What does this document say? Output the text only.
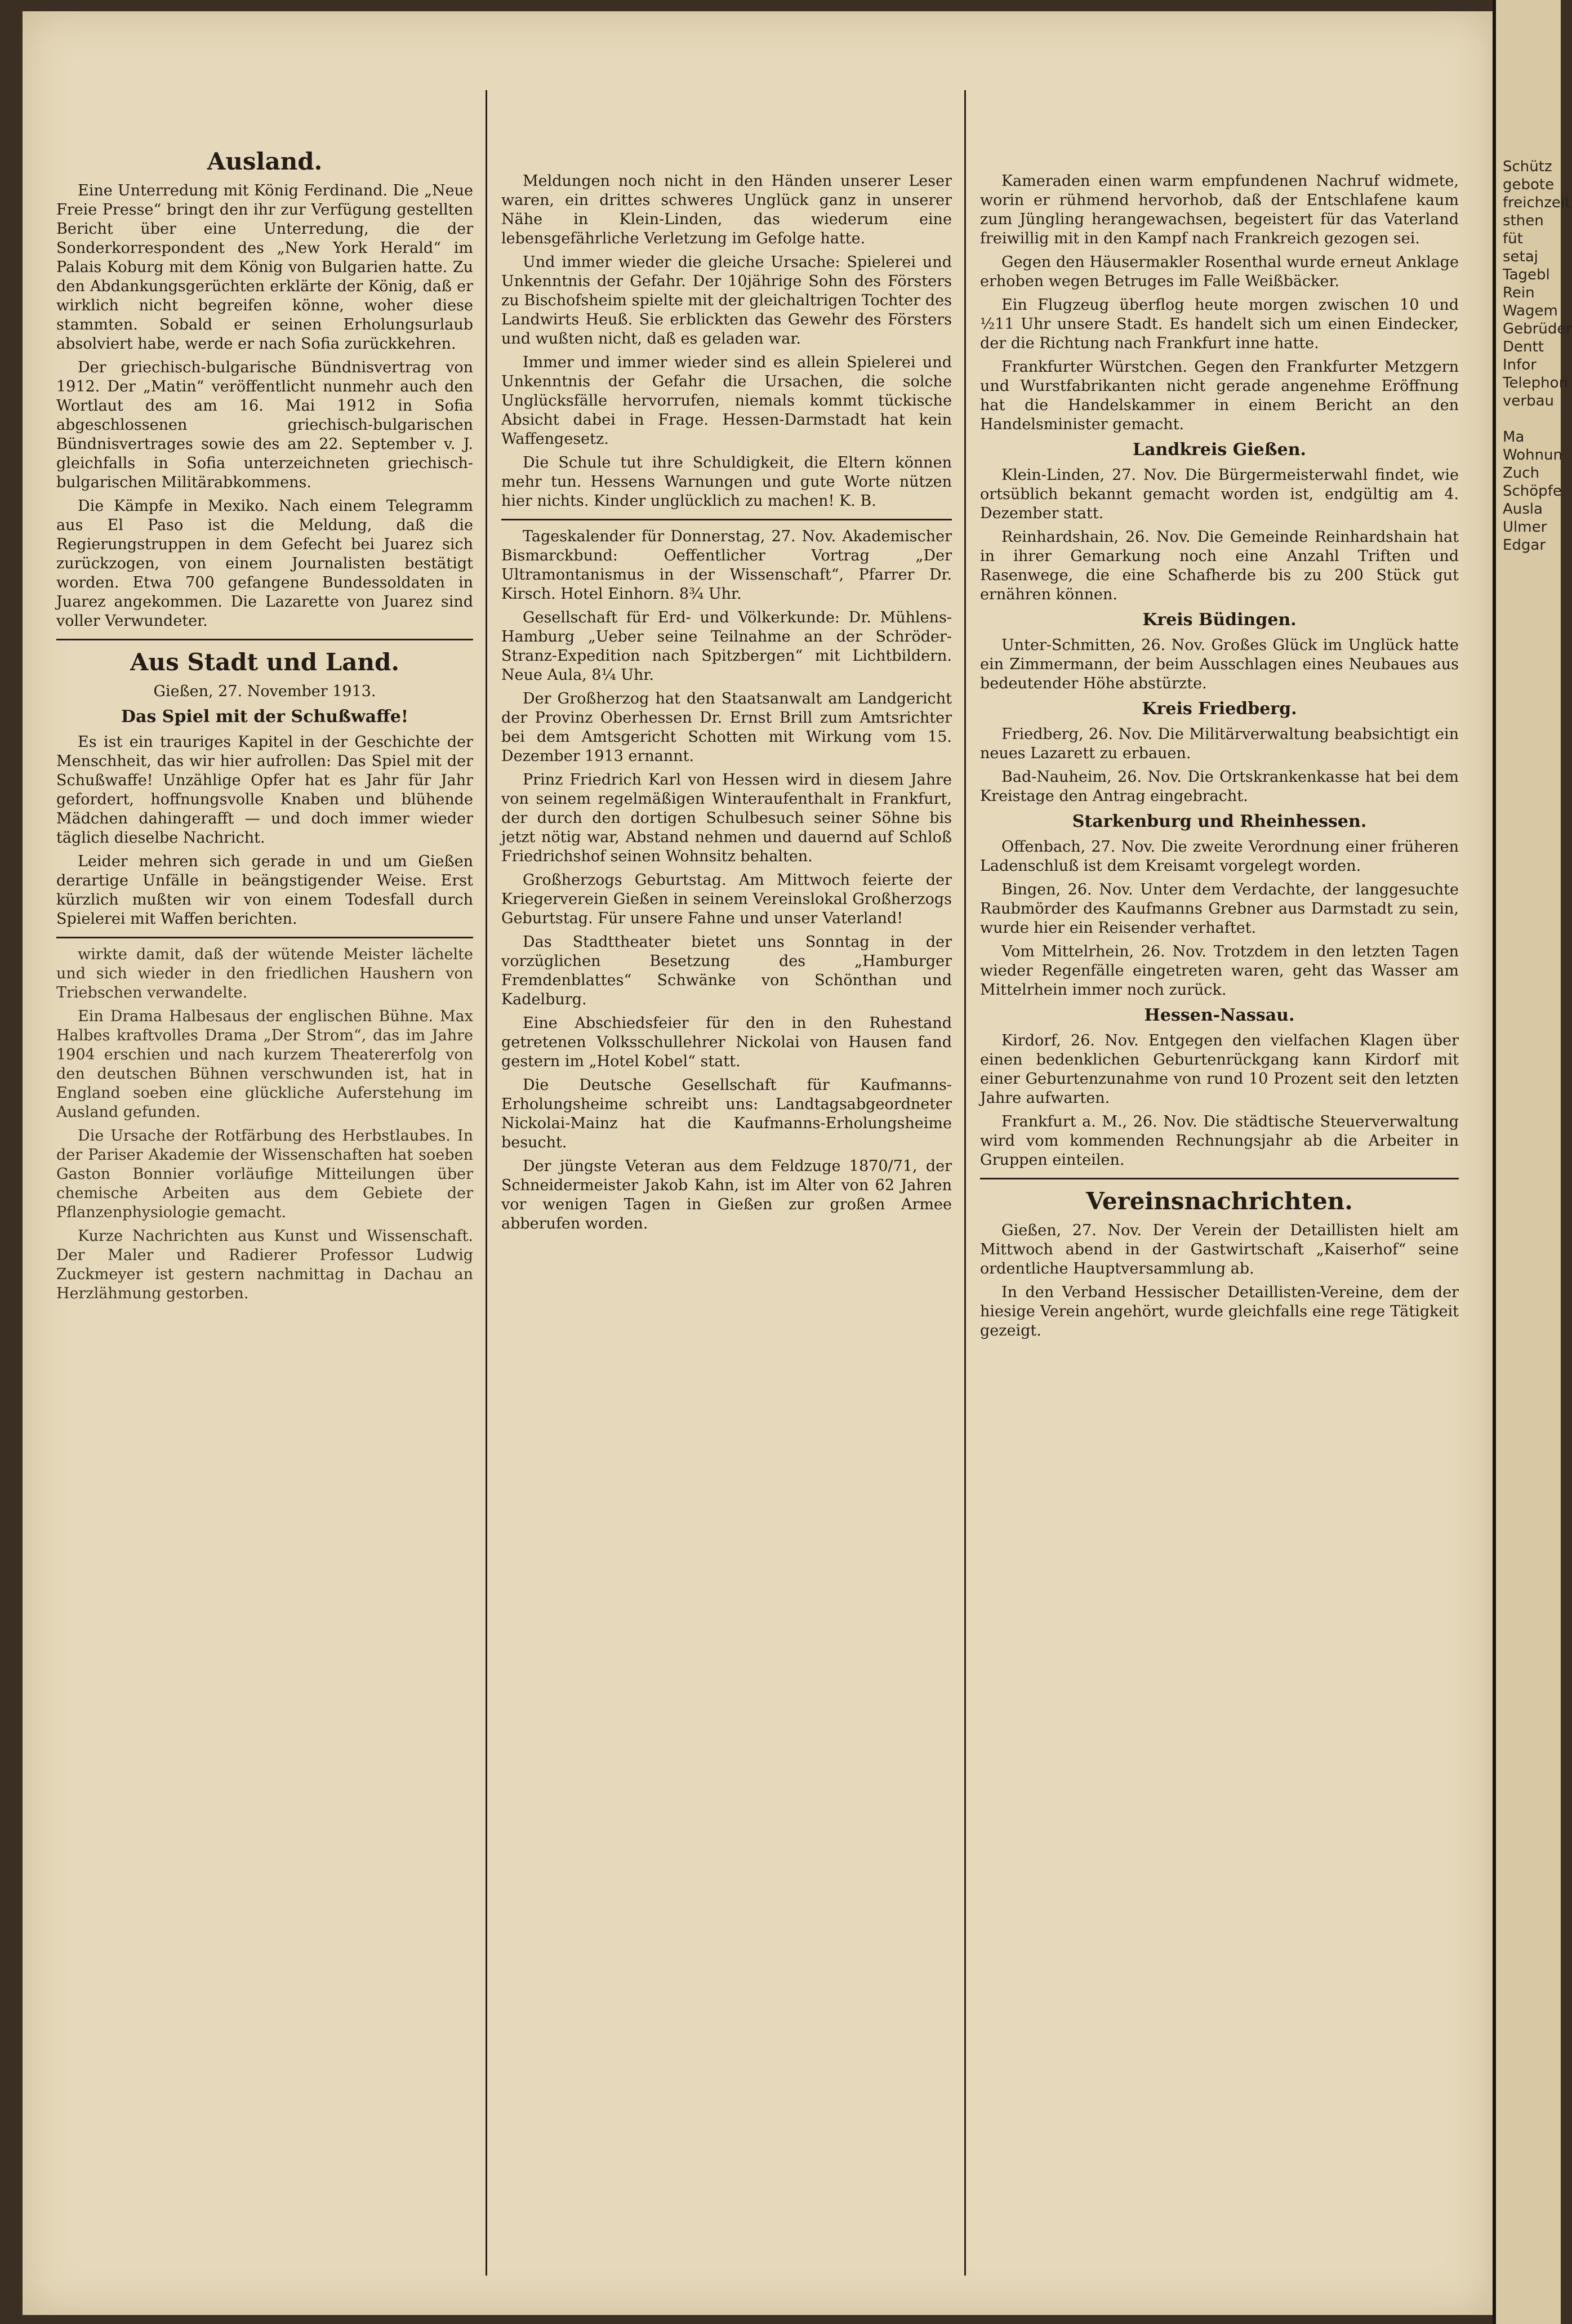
Ausland.

Eine Unterredung mit König Ferdinand. Die „Neue Freie Presse“ bringt den ihr zur Verfügung gestellten Bericht über eine Unterredung, die der Sonderkorrespondent des „New York Herald“ im Palais Koburg mit dem König von Bulgarien hatte. Zu den Abdankungsgerüchten erklärte der König, daß er wirklich nicht begreifen könne, woher diese stammten. Sobald er seinen Erholungsurlaub absolviert habe, werde er nach Sofia zurückkehren.

Der griechisch-bulgarische Bündnisvertrag von 1912. Der „Matin“ veröffentlicht nunmehr auch den Wortlaut des am 16. Mai 1912 in Sofia abgeschlossenen griechisch-bulgarischen Bündnisvertrages sowie des am 22. September v. J. gleichfalls in Sofia unterzeichneten griechisch-bulgarischen Militärabkommens.

Die Kämpfe in Mexiko. Nach einem Telegramm aus El Paso ist die Meldung, daß die Regierungstruppen in dem Gefecht bei Juarez sich zurückzogen, von einem Journalisten bestätigt worden. Etwa 700 gefangene Bundessoldaten in Juarez angekommen. Die Lazarette von Juarez sind voller Verwundeter.

Aus Stadt und Land.

Gießen, 27. November 1913.

Das Spiel mit der Schußwaffe!

Es ist ein trauriges Kapitel in der Geschichte der Menschheit, das wir hier aufrollen: Das Spiel mit der Schußwaffe! Unzählige Opfer hat es Jahr für Jahr gefordert, hoffnungsvolle Knaben und blühende Mädchen dahingerafft — und doch immer wieder täglich dieselbe Nachricht.

Leider mehren sich gerade in und um Gießen derartige Unfälle in beängstigender Weise. Erst kürzlich mußten wir von einem Todesfall durch Spielerei mit Waffen berichten.

wirkte damit, daß der wütende Meister lächelte und sich wieder in den friedlichen Haushern von Triebschen verwandelte.

Ein Drama Halbesaus der englischen Bühne. Max Halbes kraftvolles Drama „Der Strom“, das im Jahre 1904 erschien und nach kurzem Theatererfolg von den deutschen Bühnen verschwunden ist, hat in England soeben eine glückliche Auferstehung im Ausland gefunden.

Die Ursache der Rotfärbung des Herbstlaubes. In der Pariser Akademie der Wissenschaften hat soeben Gaston Bonnier vorläufige Mitteilungen über chemische Arbeiten aus dem Gebiete der Pflanzenphysiologie gemacht.

Kurze Nachrichten aus Kunst und Wissenschaft. Der Maler und Radierer Professor Ludwig Zuckmeyer ist gestern nachmittag in Dachau an Herzlähmung gestorben.

Meldungen noch nicht in den Händen unserer Leser waren, ein drittes schweres Unglück ganz in unserer Nähe in Klein-Linden, das wiederum eine lebensgefährliche Verletzung im Gefolge hatte.

Und immer wieder die gleiche Ursache: Spielerei und Unkenntnis der Gefahr. Der 10jährige Sohn des Försters zu Bischofsheim spielte mit der gleichaltrigen Tochter des Landwirts Heuß. Sie erblickten das Gewehr des Försters und wußten nicht, daß es geladen war.

Immer und immer wieder sind es allein Spielerei und Unkenntnis der Gefahr die Ursachen, die solche Unglücksfälle hervorrufen, niemals kommt tückische Absicht dabei in Frage. Hessen-Darmstadt hat kein Waffengesetz.

Die Schule tut ihre Schuldigkeit, die Eltern können mehr tun. Hessens Warnungen und gute Worte nützen hier nichts. Kinder unglücklich zu machen! K. B.

Tageskalender für Donnerstag, 27. Nov. Akademischer Bismarckbund: Oeffentlicher Vortrag „Der Ultramontanismus in der Wissenschaft“, Pfarrer Dr. Kirsch. Hotel Einhorn. 8¾ Uhr.

Gesellschaft für Erd- und Völkerkunde: Dr. Mühlens-Hamburg „Ueber seine Teilnahme an der Schröder-Stranz-Expedition nach Spitzbergen“ mit Lichtbildern. Neue Aula, 8¼ Uhr.

Der Großherzog hat den Staatsanwalt am Landgericht der Provinz Oberhessen Dr. Ernst Brill zum Amtsrichter bei dem Amtsgericht Schotten mit Wirkung vom 15. Dezember 1913 ernannt.

Prinz Friedrich Karl von Hessen wird in diesem Jahre von seinem regelmäßigen Winteraufenthalt in Frankfurt, der durch den dortigen Schulbesuch seiner Söhne bis jetzt nötig war, Abstand nehmen und dauernd auf Schloß Friedrichshof seinen Wohnsitz behalten.

Großherzogs Geburtstag. Am Mittwoch feierte der Kriegerverein Gießen in seinem Vereinslokal Großherzogs Geburtstag. Für unsere Fahne und unser Vaterland!

Das Stadttheater bietet uns Sonntag in der vorzüglichen Besetzung des „Hamburger Fremdenblattes“ Schwänke von Schönthan und Kadelburg.

Eine Abschiedsfeier für den in den Ruhestand getretenen Volksschullehrer Nickolai von Hausen fand gestern im „Hotel Kobel“ statt.

Die Deutsche Gesellschaft für Kaufmanns-Erholungsheime schreibt uns: Landtagsabgeordneter Nickolai-Mainz hat die Kaufmanns-Erholungsheime besucht.

Der jüngste Veteran aus dem Feldzuge 1870/71, der Schneidermeister Jakob Kahn, ist im Alter von 62 Jahren vor wenigen Tagen in Gießen zur großen Armee abberufen worden.

Kameraden einen warm empfundenen Nachruf widmete, worin er rühmend hervorhob, daß der Entschlafene kaum zum Jüngling herangewachsen, begeistert für das Vaterland freiwillig mit in den Kampf nach Frankreich gezogen sei.

Gegen den Häusermakler Rosenthal wurde erneut Anklage erhoben wegen Betruges im Falle Weißbäcker.

Ein Flugzeug überflog heute morgen zwischen 10 und ½11 Uhr unsere Stadt. Es handelt sich um einen Eindecker, der die Richtung nach Frankfurt inne hatte.

Frankfurter Würstchen. Gegen den Frankfurter Metzgern und Wurstfabrikanten nicht gerade angenehme Eröffnung hat die Handelskammer in einem Bericht an den Handelsminister gemacht.

Landkreis Gießen.

Klein-Linden, 27. Nov. Die Bürgermeisterwahl findet, wie ortsüblich bekannt gemacht worden ist, endgültig am 4. Dezember statt.

Reinhardshain, 26. Nov. Die Gemeinde Reinhardshain hat in ihrer Gemarkung noch eine Anzahl Triften und Rasenwege, die eine Schafherde bis zu 200 Stück gut ernähren können.

Kreis Büdingen.

Unter-Schmitten, 26. Nov. Großes Glück im Unglück hatte ein Zimmermann, der beim Ausschlagen eines Neubaues aus bedeutender Höhe abstürzte.

Kreis Friedberg.

Friedberg, 26. Nov. Die Militärverwaltung beabsichtigt ein neues Lazarett zu erbauen.

Bad-Nauheim, 26. Nov. Die Ortskrankenkasse hat bei dem Kreistage den Antrag eingebracht.

Starkenburg und Rheinhessen.

Offenbach, 27. Nov. Die zweite Verordnung einer früheren Ladenschluß ist dem Kreisamt vorgelegt worden.

Bingen, 26. Nov. Unter dem Verdachte, der langgesuchte Raubmörder des Kaufmanns Grebner aus Darmstadt zu sein, wurde hier ein Reisender verhaftet.

Vom Mittelrhein, 26. Nov. Trotzdem in den letzten Tagen wieder Regenfälle eingetreten waren, geht das Wasser am Mittelrhein immer noch zurück.

Hessen-Nassau.

Kirdorf, 26. Nov. Entgegen den vielfachen Klagen über einen bedenklichen Geburtenrückgang kann Kirdorf mit einer Geburtenzunahme von rund 10 Prozent seit den letzten Jahre aufwarten.

Frankfurt a. M., 26. Nov. Die städtische Steuerverwaltung wird vom kommenden Rechnungsjahr ab die Arbeiter in Gruppen einteilen.

Vereinsnachrichten.

Gießen, 27. Nov. Der Verein der Detaillisten hielt am Mittwoch abend in der Gastwirtschaft „Kaiserhof“ seine ordentliche Hauptversammlung ab.

In den Verband Hessischer Detaillisten-Vereine, dem der hiesige Verein angehört, wurde gleichfalls eine rege Tätigkeit gezeigt.

Schütz
gebote
freichzeit
sthen
füt
setaj
Tagebl
Rein
Wagem
Gebrüder
Dentt
Infor
Telephon
verbau

Ma
Wohnun
Zuch
Schöpfe
Ausla
Ulmer
Edgar
